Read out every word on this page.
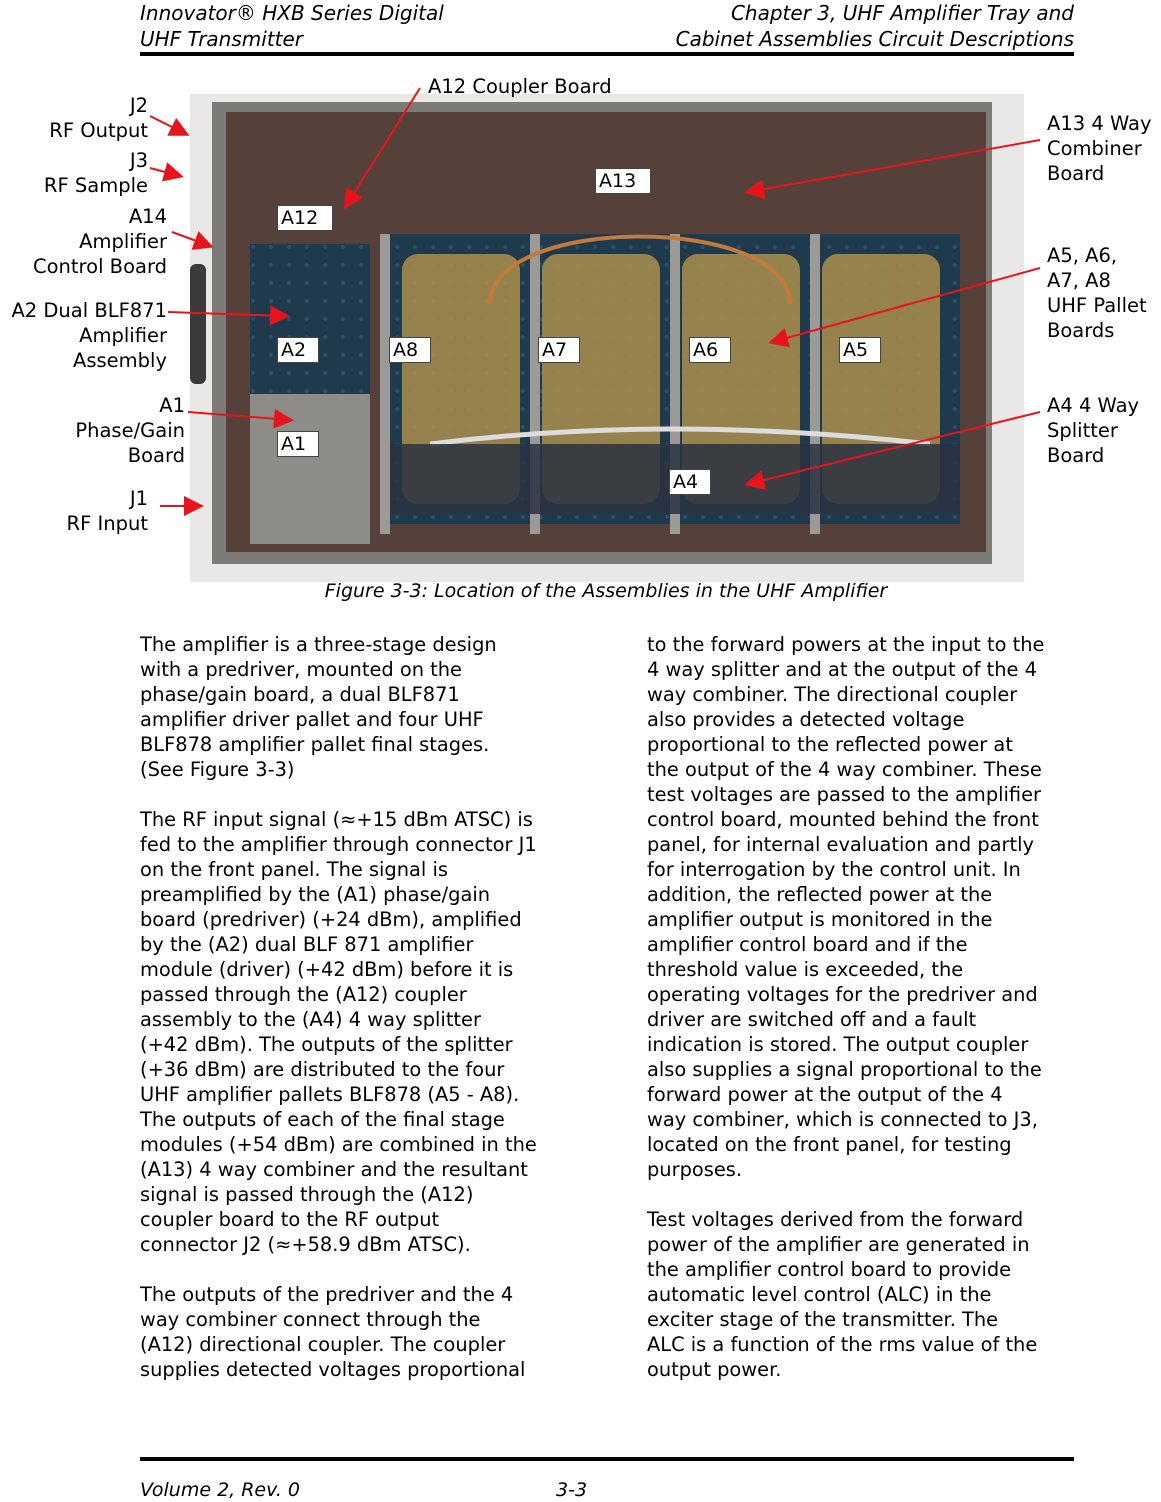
Innovator® HXB Series Digital
UHF Transmitter
Chapter 3, UHF Amplifier Tray and
Cabinet Assemblies Circuit Descriptions
J2
RF Output
J3
RF Sample
A14
Amplifier
Control Board
A2 Dual BLF871
Amplifier
Assembly
A1
Phase/Gain
Board
J1
RF Input
A12 Coupler Board
A13 4 Way
Combiner
Board
A5, A6,
A7, A8
UHF Pallet
Boards
A4 4 Way
Splitter
Board
A12
A13
A2	A8	A7	A6	A5
A1
A4
Figure 3-3: Location of the Assemblies in the UHF Amplifier

The amplifier is a three-stage design
with a predriver, mounted on the
phase/gain board, a dual BLF871
amplifier driver pallet and four UHF
BLF878 amplifier pallet final stages.
(See Figure 3-3)

The RF input signal (≈+15 dBm ATSC) is
fed to the amplifier through connector J1
on the front panel. The signal is
preamplified by the (A1) phase/gain
board (predriver) (+24 dBm), amplified
by the (A2) dual BLF 871 amplifier
module (driver) (+42 dBm) before it is
passed through the (A12) coupler
assembly to the (A4) 4 way splitter
(+42 dBm). The outputs of the splitter
(+36 dBm) are distributed to the four
UHF amplifier pallets BLF878 (A5 - A8).
The outputs of each of the final stage
modules (+54 dBm) are combined in the
(A13) 4 way combiner and the resultant
signal is passed through the (A12)
coupler board to the RF output
connector J2 (≈+58.9 dBm ATSC).

The outputs of the predriver and the 4
way combiner connect through the
(A12) directional coupler. The coupler
supplies detected voltages proportional

to the forward powers at the input to the
4 way splitter and at the output of the 4
way combiner. The directional coupler
also provides a detected voltage
proportional to the reflected power at
the output of the 4 way combiner. These
test voltages are passed to the amplifier
control board, mounted behind the front
panel, for internal evaluation and partly
for interrogation by the control unit. In
addition, the reflected power at the
amplifier output is monitored in the
amplifier control board and if the
threshold value is exceeded, the
operating voltages for the predriver and
driver are switched off and a fault
indication is stored. The output coupler
also supplies a signal proportional to the
forward power at the output of the 4
way combiner, which is connected to J3,
located on the front panel, for testing
purposes.

Test voltages derived from the forward
power of the amplifier are generated in
the amplifier control board to provide
automatic level control (ALC) in the
exciter stage of the transmitter. The
ALC is a function of the rms value of the
output power.

Volume 2, Rev. 0	3-3
